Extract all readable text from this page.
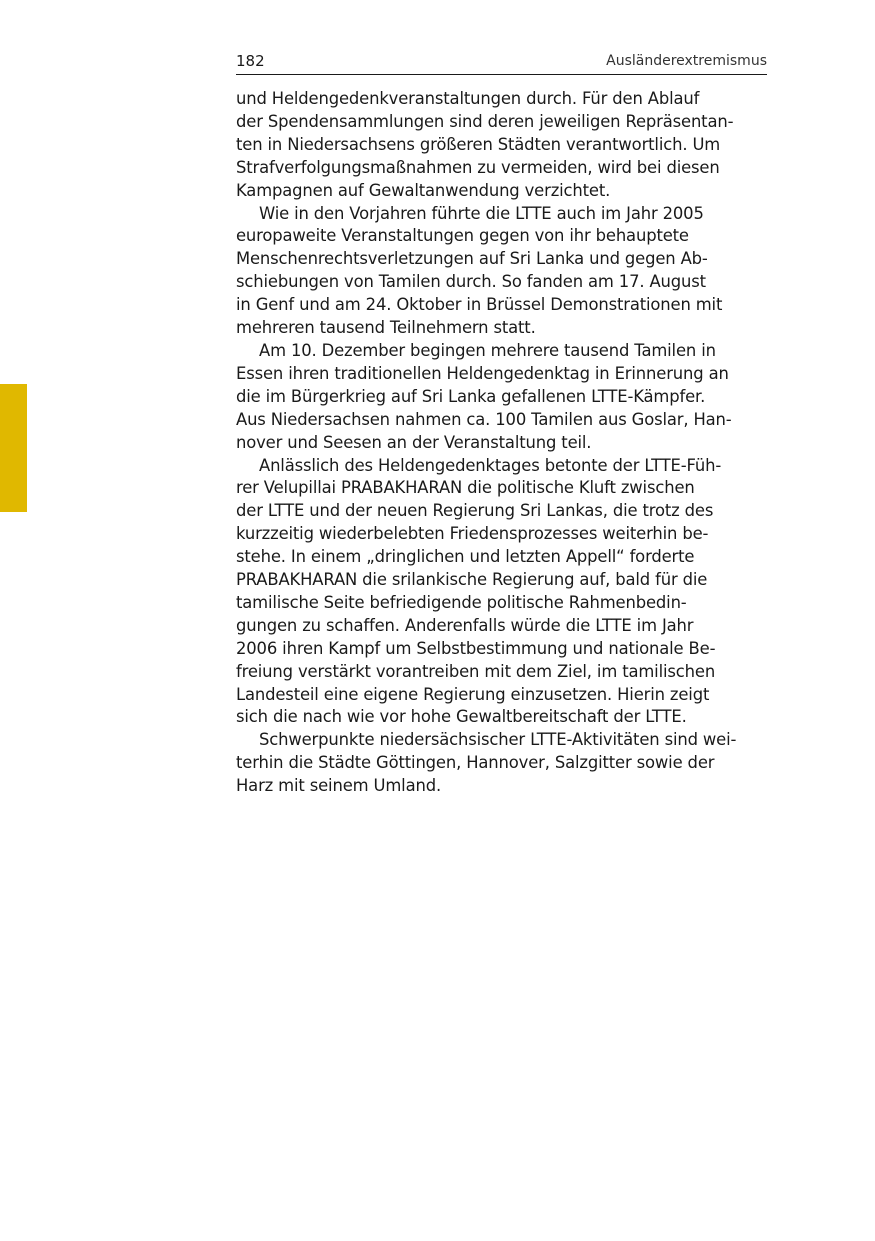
182	Ausländerextremismus
und Heldengedenkveranstaltungen durch. Für den Ablauf
der Spendensammlungen sind deren jeweiligen Repräsentan-
ten in Niedersachsens größeren Städten verantwortlich. Um
Strafverfolgungsmaßnahmen zu vermeiden, wird bei diesen
Kampagnen auf Gewaltanwendung verzichtet.
Wie in den Vorjahren führte die LTTE auch im Jahr 2005
europaweite Veranstaltungen gegen von ihr behauptete
Menschenrechtsverletzungen auf Sri Lanka und gegen Ab-
schiebungen von Tamilen durch. So fanden am 17. August
in Genf und am 24. Oktober in Brüssel Demonstrationen mit
mehreren tausend Teilnehmern statt.
Am 10. Dezember begingen mehrere tausend Tamilen in
Essen ihren traditionellen Heldengedenktag in Erinnerung an
die im Bürgerkrieg auf Sri Lanka gefallenen LTTE-Kämpfer.
Aus Niedersachsen nahmen ca. 100 Tamilen aus Goslar, Han-
nover und Seesen an der Veranstaltung teil.
Anlässlich des Heldengedenktages betonte der LTTE-Füh-
rer Velupillai PRABAKHARAN die politische Kluft zwischen
der LTTE und der neuen Regierung Sri Lankas, die trotz des
kurzzeitig wiederbelebten Friedensprozesses weiterhin be-
stehe. In einem „dringlichen und letzten Appell“ forderte
PRABAKHARAN die srilankische Regierung auf, bald für die
tamilische Seite befriedigende politische Rahmenbedin-
gungen zu schaffen. Anderenfalls würde die LTTE im Jahr
2006 ihren Kampf um Selbstbestimmung und nationale Be-
freiung verstärkt vorantreiben mit dem Ziel, im tamilischen
Landesteil eine eigene Regierung einzusetzen. Hierin zeigt
sich die nach wie vor hohe Gewaltbereitschaft der LTTE.
Schwerpunkte niedersächsischer LTTE-Aktivitäten sind wei-
terhin die Städte Göttingen, Hannover, Salzgitter sowie der
Harz mit seinem Umland.
